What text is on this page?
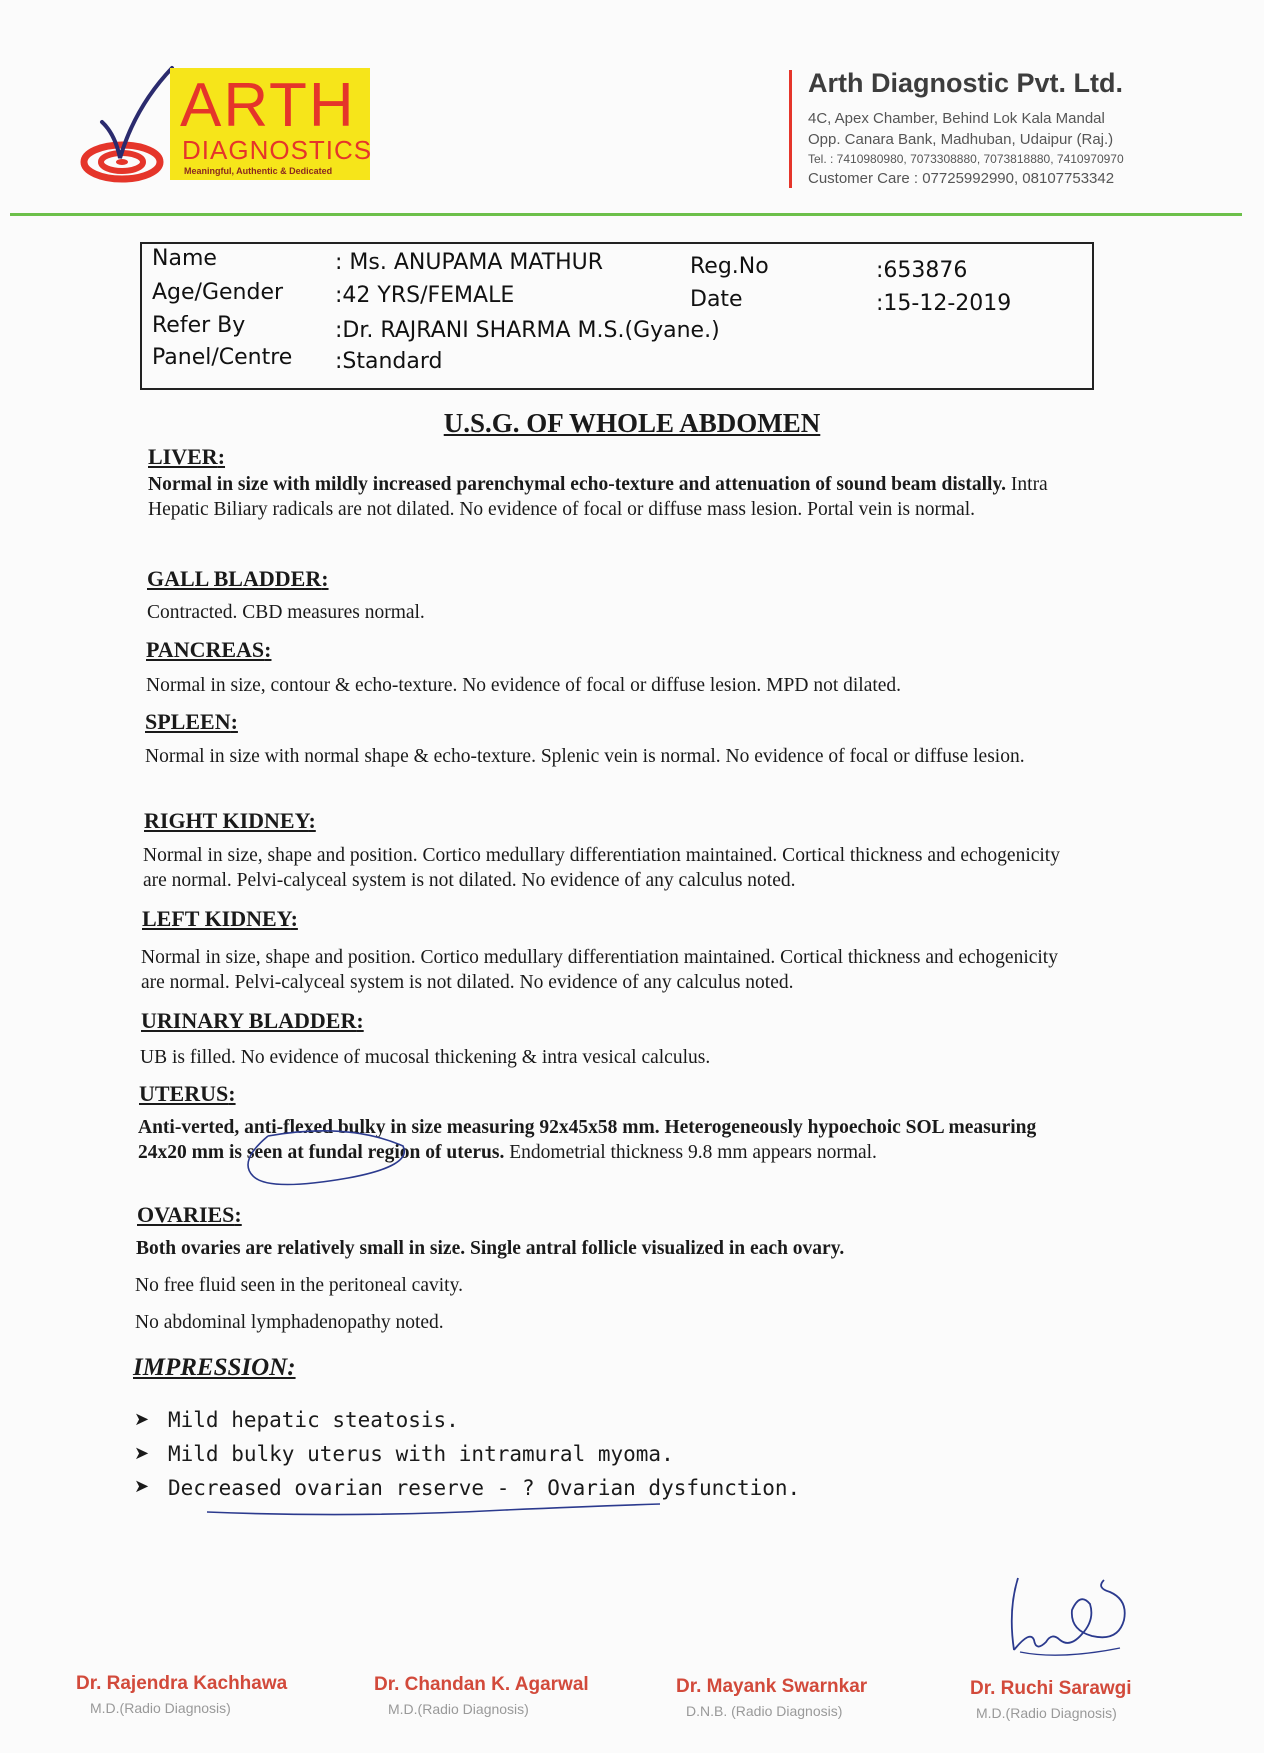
ARTH
DIAGNOSTICS
Meaningful, Authentic & Dedicated
Arth Diagnostic Pvt. Ltd.
4C, Apex Chamber, Behind Lok Kala Mandal
Opp. Canara Bank, Madhuban, Udaipur (Raj.)
Tel. : 7410980980, 7073308880, 7073818880, 7410970970
Customer Care : 07725992990, 08107753342
Name	: Ms. ANUPAMA MATHUR
Age/Gender :42 YRS/FEMALE
Refer By	:Dr. RAJRANI SHARMA M.S.(Gyane.)
Panel/Centre :Standard
Reg.No	:653876
Date	:15-12-2019
U.S.G. OF WHOLE ABDOMEN
LIVER:
Normal in size with mildly increased parenchymal echo-texture and attenuation of sound beam distally. Intra Hepatic Biliary radicals are not dilated. No evidence of focal or diffuse mass lesion. Portal vein is normal.
GALL BLADDER:
Contracted. CBD measures normal.
PANCREAS:
Normal in size, contour & echo-texture. No evidence of focal or diffuse lesion. MPD not dilated.
SPLEEN:
Normal in size with normal shape & echo-texture. Splenic vein is normal. No evidence of focal or diffuse lesion.
RIGHT KIDNEY:
Normal in size, shape and position. Cortico medullary differentiation maintained. Cortical thickness and echogenicity are normal. Pelvi-calyceal system is not dilated. No evidence of any calculus noted.
LEFT KIDNEY:
Normal in size, shape and position. Cortico medullary differentiation maintained. Cortical thickness and echogenicity are normal. Pelvi-calyceal system is not dilated. No evidence of any calculus noted.
URINARY BLADDER:
UB is filled. No evidence of mucosal thickening & intra vesical calculus.
UTERUS:
Anti-verted, anti-flexed bulky in size measuring 92x45x58 mm. Heterogeneously hypoechoic SOL measuring 24x20 mm is seen at fundal region of uterus. Endometrial thickness 9.8 mm appears normal.
OVARIES:
Both ovaries are relatively small in size. Single antral follicle visualized in each ovary.
No free fluid seen in the peritoneal cavity.
No abdominal lymphadenopathy noted.
IMPRESSION:
➤ Mild hepatic steatosis.
➤ Mild bulky uterus with intramural myoma.
➤ Decreased ovarian reserve - ? Ovarian dysfunction.
Dr. Rajendra Kachhawa
M.D.(Radio Diagnosis)
Dr. Chandan K. Agarwal
M.D.(Radio Diagnosis)
Dr. Mayank Swarnkar
D.N.B. (Radio Diagnosis)
Dr. Ruchi Sarawgi
M.D.(Radio Diagnosis)
